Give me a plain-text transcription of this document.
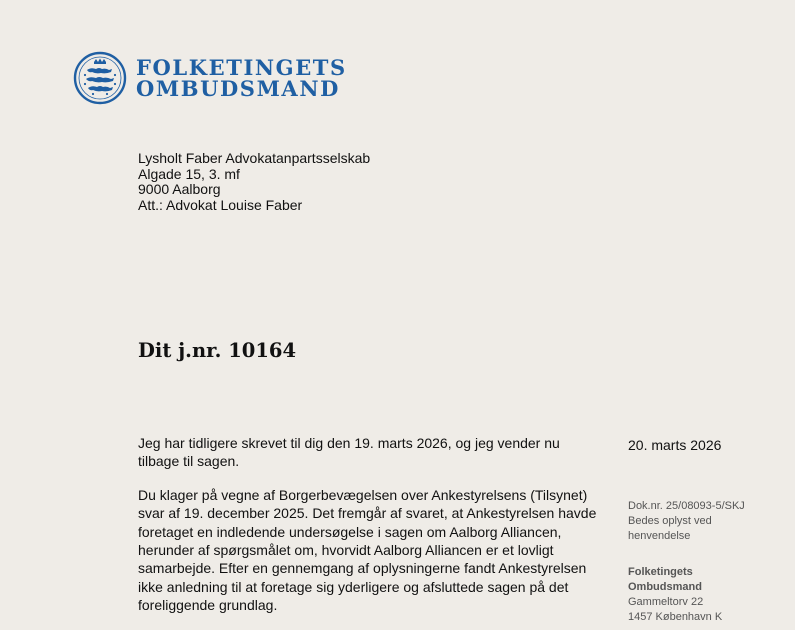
FOLKETINGETS
OMBUDSMAND
Lysholt Faber Advokatanpartsselskab
Algade 15, 3. mf
9000 Aalborg
Att.: Advokat Louise Faber
Dit j.nr. 10164

Jeg har tidligere skrevet til dig den 19. marts 2026, og jeg vender nu tilbage til sagen.

Du klager på vegne af Borgerbevægelsen over Ankestyrelsens (Tilsynet) svar af 19. december 2025. Det fremgår af svaret, at Ankestyrelsen havde foretaget en indledende undersøgelse i sagen om Aalborg Alliancen, herunder af spørgsmålet om, hvorvidt Aalborg Alliancen er et lovligt samarbejde. Efter en gennemgang af oplysningerne fandt Ankestyrelsen ikke anledning til at foretage sig yderligere og afsluttede sagen på det foreliggende grundlag.

20. marts 2026
Dok.nr. 25/08093-5/SKJ
Bedes oplyst ved
henvendelse
Folketingets
Ombudsmand
Gammeltorv 22
1457 København K
